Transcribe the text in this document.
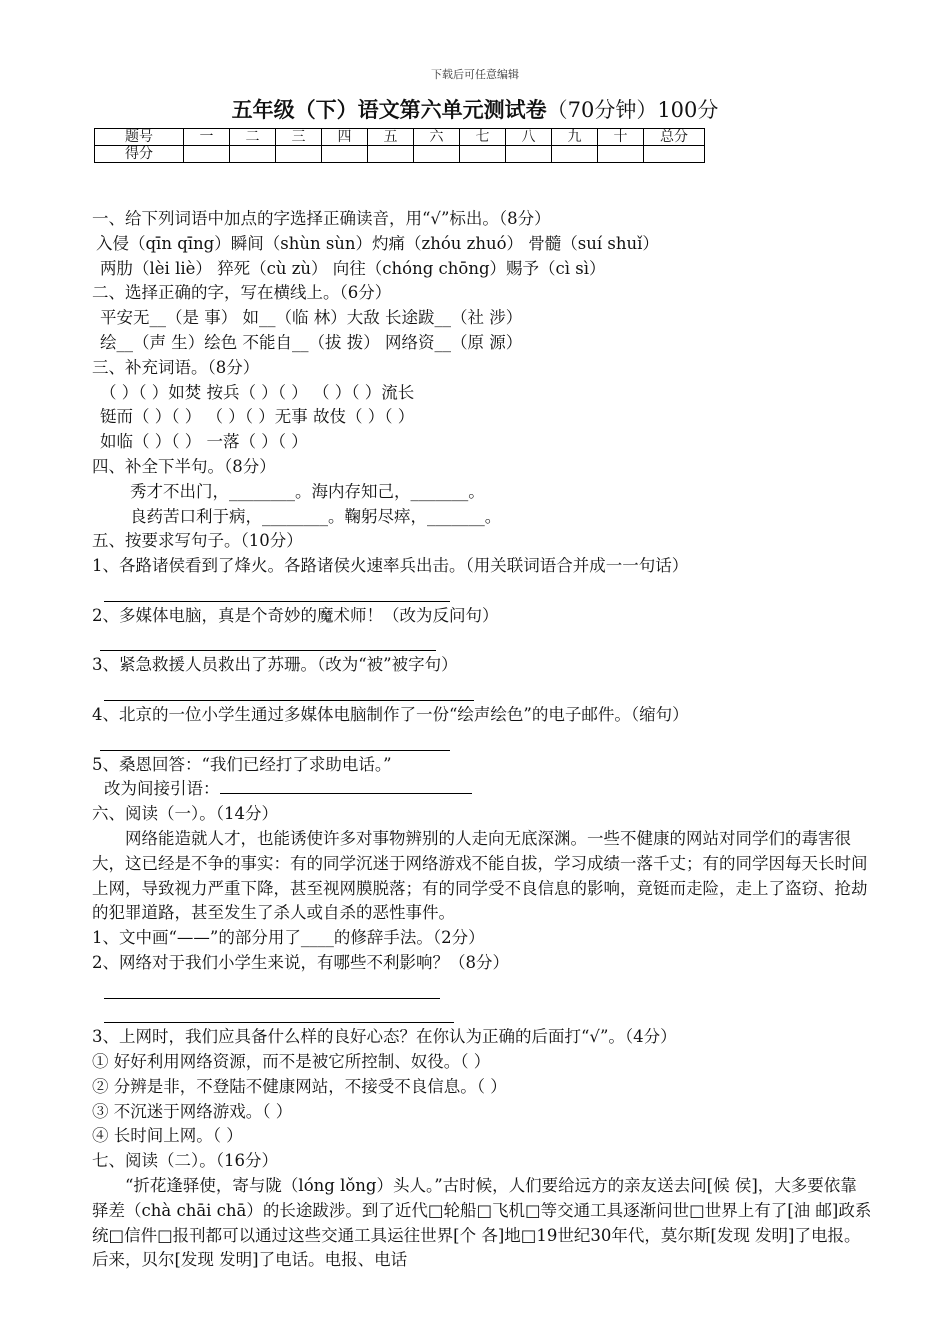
下载后可任意编辑
五年级（下）语文第六单元测试卷（70分钟）100分
题号	一	二	三	四	五	六	七	八	九	十	总分
得分											
一、给下列词语中加点的字选择正确读音，用“√”标出。（8分）
入侵（qīn qīng）瞬间（shùn sùn）灼痛（zhóu zhuó） 骨髓（suí shuǐ）
两肋（lèi liè） 猝死（cù zù） 向往（chóng chōng）赐予（cì sì）
二、选择正确的字，写在横线上。（6分）
平安无__（是 事） 如__（临 林）大敌 长途跋__（社 涉）
绘__（声 生）绘色 不能自__（拔 拨） 网络资__（原 源）
三、补充词语。（8分）
（ ）（ ）如焚 按兵（ ）（ ） （ ）（ ）流长
铤而（ ）（ ） （ ）（ ）无事 故伎（ ）（ ）
如临（ ）（ ） 一落（ ）（ ）
四、补全下半句。（8分）
秀才不出门，________。海内存知己，_______。
良药苦口利于病，________。鞠躬尽瘁，_______。
五、按要求写句子。（10分）
1、各路诸侯看到了烽火。各路诸侯火速率兵出击。（用关联词语合并成一一句话）
2、多媒体电脑，真是个奇妙的魔术师！（改为反问句）
3、紧急救援人员救出了苏珊。（改为“被”被字句）
4、北京的一位小学生通过多媒体电脑制作了一份“绘声绘色”的电子邮件。（缩句）
5、桑恩回答：“我们已经打了求助电话。”
改为间接引语：
六、阅读（一）。（14分）
网络能造就人才，也能诱使许多对事物辨别的人走向无底深渊。一些不健康的网站对同学们的毒害很大，这已经是不争的事实：有的同学沉迷于网络游戏不能自拔，学习成绩一落千丈；有的同学因每天长时间上网，导致视力严重下降，甚至视网膜脱落；有的同学受不良信息的影响，竟铤而走险，走上了盗窃、抢劫的犯罪道路，甚至发生了杀人或自杀的恶性事件。
1、文中画“——”的部分用了____的修辞手法。（2分）
2、网络对于我们小学生来说，有哪些不利影响？（8分）
3、上网时，我们应具备什么样的良好心态？在你认为正确的后面打“√”。（4分）
① 好好利用网络资源，而不是被它所控制、奴役。（ ）
② 分辨是非，不登陆不健康网站，不接受不良信息。（ ）
③ 不沉迷于网络游戏。（ ）
④ 长时间上网。（ ）
七、阅读（二）。（16分）
“折花逢驿使，寄与陇（lóng lǒng）头人。”古时候，人们要给远方的亲友送去问[候 侯]，大多要依靠驿差（chà chāi chā）的长途跋涉。到了近代□轮船□飞机□等交通工具逐渐问世□世界上有了[油 邮]政系统□信件□报刊都可以通过这些交通工具运往世界[个 各]地□19世纪30年代，莫尔斯[发现 发明]了电报。后来，贝尔[发现 发明]了电话。电报、电话
